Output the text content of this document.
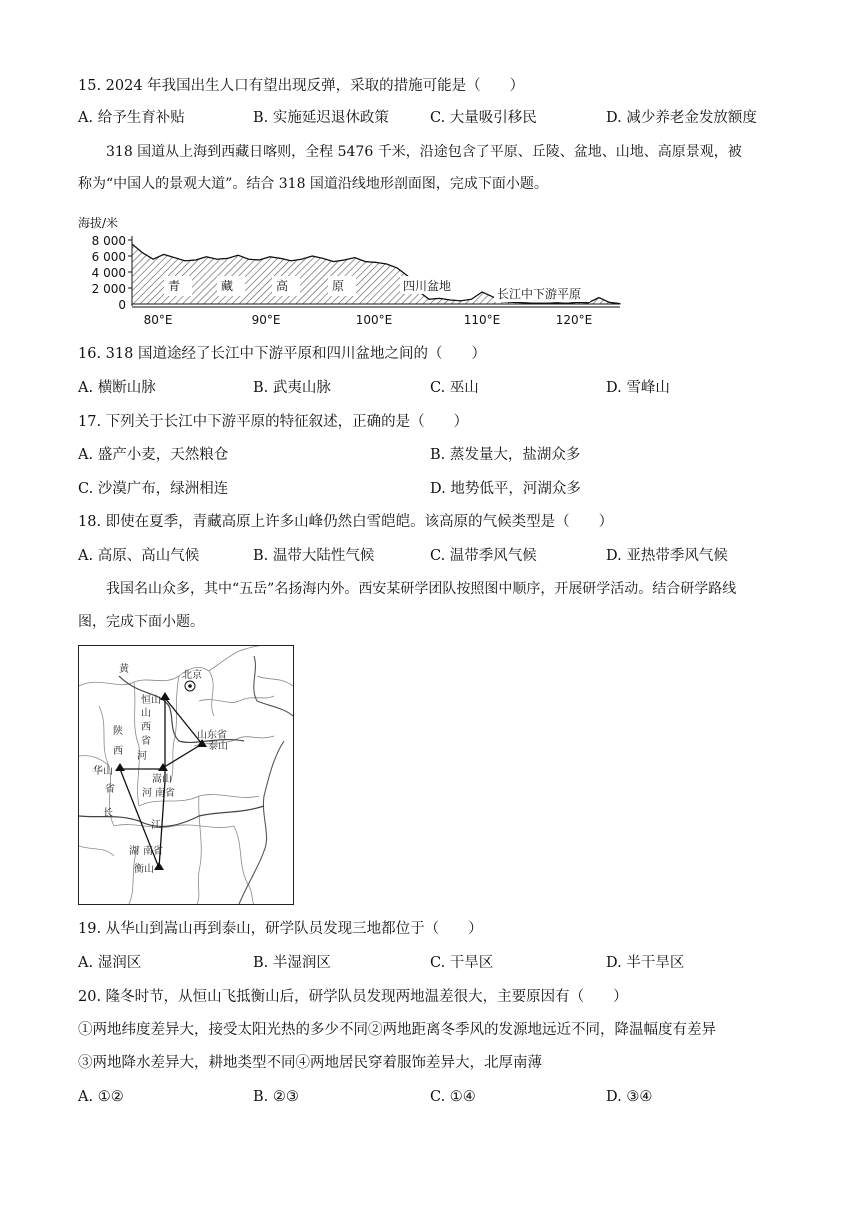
15. 2024 年我国出生人口有望出现反弹，采取的措施可能是（　　）
A. 给予生育补贴	B. 实施延迟退休政策	C. 大量吸引移民	D. 减少养老金发放额度
318 国道从上海到西藏日喀则，全程 5476 千米，沿途包含了平原、丘陵、盆地、山地、高原景观，被
称为“中国人的景观大道”。结合 318 国道沿线地形剖面图，完成下面小题。
海拔/米
8 000
6 000
4 000
2 000
0
青	藏	高	原	四川盆地
长江中下游平原
80°E	90°E	100°E	110°E	120°E
16. 318 国道途经了长江中下游平原和四川盆地之间的（　　）
A. 横断山脉	B. 武夷山脉	C. 巫山	D. 雪峰山
17. 下列关于长江中下游平原的特征叙述，正确的是（　　）
A. 盛产小麦，天然粮仓	B. 蒸发量大，盐湖众多
C. 沙漠广布，绿洲相连	D. 地势低平，河湖众多
18. 即使在夏季，青藏高原上许多山峰仍然白雪皑皑。该高原的气候类型是（　　）
A. 高原、高山气候	B. 温带大陆性气候	C. 温带季风气候	D. 亚热带季风气候
我国名山众多，其中“五岳”名扬海内外。西安某研学团队按照图中顺序，开展研学活动。结合研学路线
图，完成下面小题。
黄
北京
恒山
山
西
省
陕
西
省
河
山东省
泰山
华山
嵩山
河 南省
长
江
湖 南省
衡山
19. 从华山到嵩山再到泰山，研学队员发现三地都位于（　　）
A. 湿润区	B. 半湿润区	C. 干旱区	D. 半干旱区
20. 隆冬时节，从恒山飞抵衡山后，研学队员发现两地温差很大，主要原因有（　　）
①两地纬度差异大，接受太阳光热的多少不同②两地距离冬季风的发源地远近不同，降温幅度有差异
③两地降水差异大，耕地类型不同④两地居民穿着服饰差异大，北厚南薄
A. ①②	B. ②③	C. ①④	D. ③④
